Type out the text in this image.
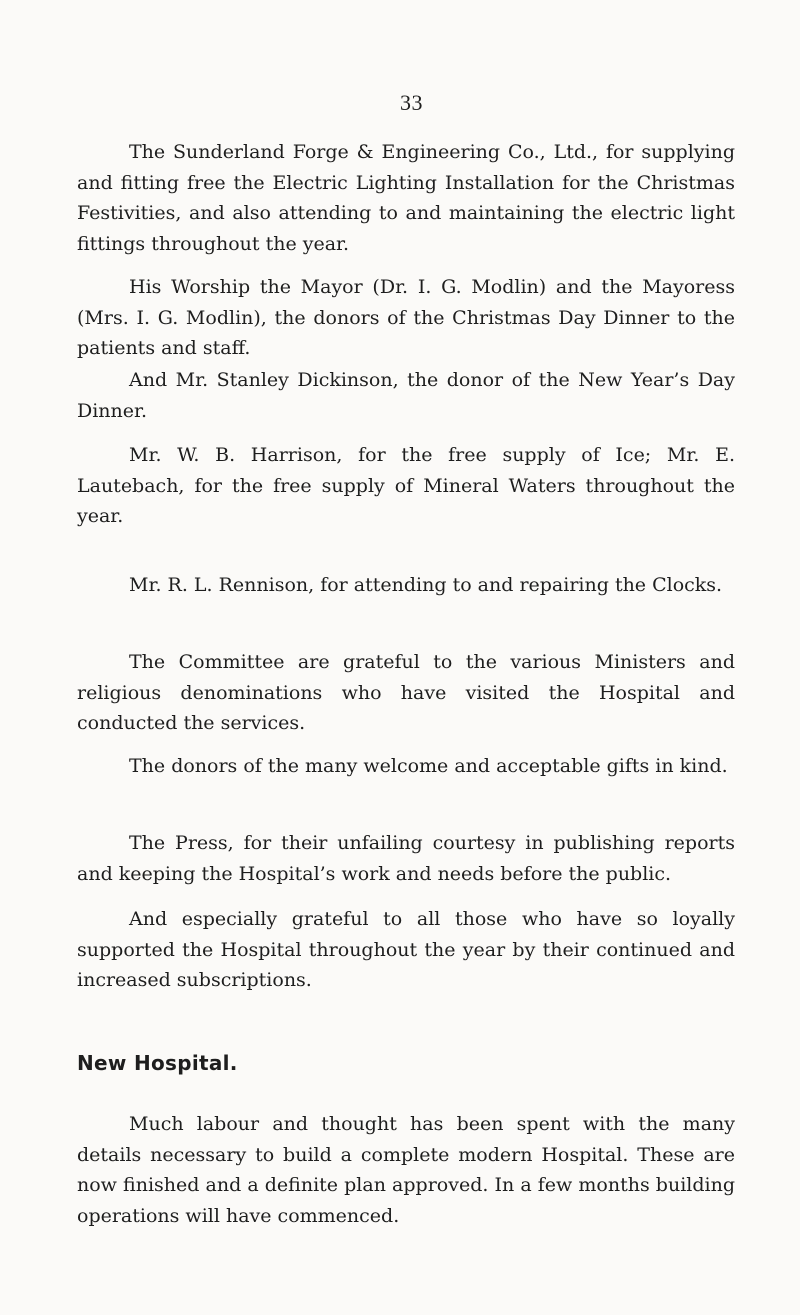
33

The Sunderland Forge & Engineering Co., Ltd., for supplying and fitting free the Electric Lighting Installation for the Christmas Festivities, and also attending to and maintaining the electric light fittings throughout the year.

His Worship the Mayor (Dr. I. G. Modlin) and the Mayoress (Mrs. I. G. Modlin), the donors of the Christmas Day Dinner to the patients and staff.

And Mr. Stanley Dickinson, the donor of the New Year’s Day Dinner.

Mr. W. B. Harrison, for the free supply of Ice; Mr. E. Lautebach, for the free supply of Mineral Waters throughout the year.

Mr. R. L. Rennison, for attending to and repairing the Clocks.

The Committee are grateful to the various Ministers and religious denominations who have visited the Hospital and conducted the services.

The donors of the many welcome and acceptable gifts in kind.

The Press, for their unfailing courtesy in publishing reports and keeping the Hospital’s work and needs before the public.

And especially grateful to all those who have so loyally supported the Hospital throughout the year by their continued and increased subscriptions.

New Hospital.

Much labour and thought has been spent with the many details necessary to build a complete modern Hospital. These are now finished and a definite plan approved. In a few months building operations will have commenced.
